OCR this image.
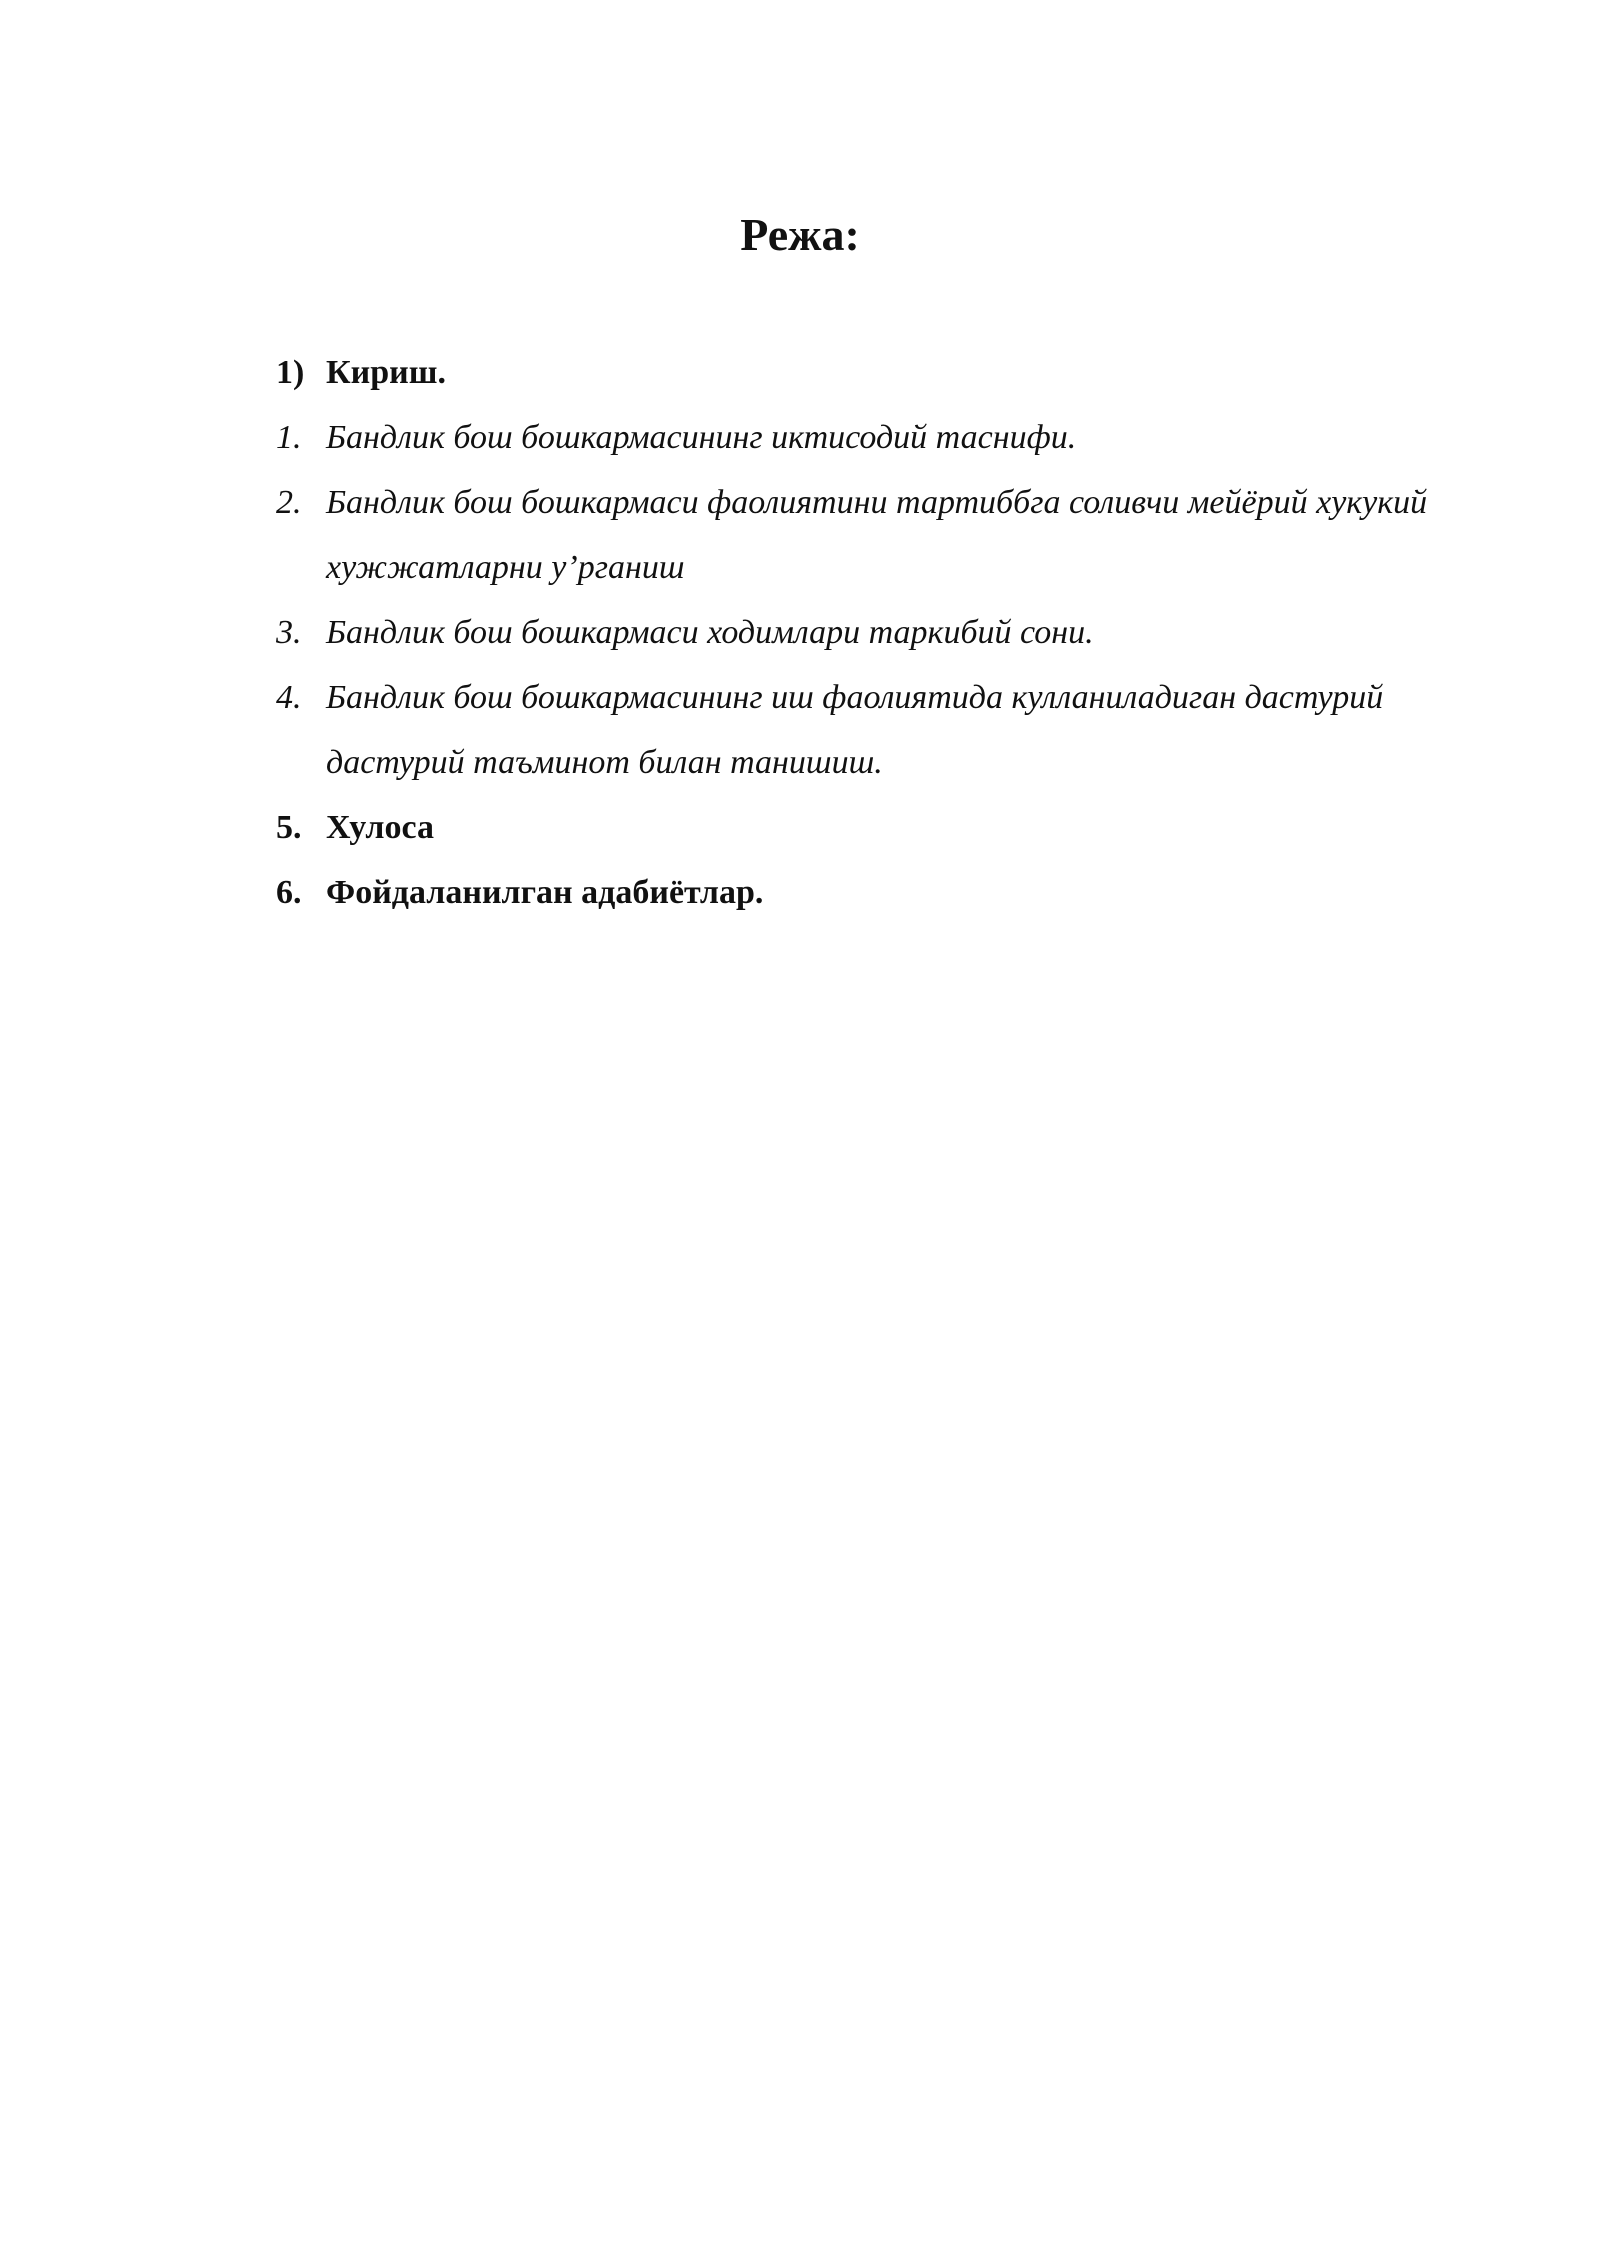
Режа:
1) Кириш.
1. Бандлик бош бошкармасининг иктисодий таснифи.
2. Бандлик бош бошкармаси фаолиятини тартиббга соливчи мейёрий хукукий хужжатларни у’рганиш
3. Бандлик бош бошкармаси ходимлари таркибий сони.
4. Бандлик бош бошкармасининг иш фаолиятида кулланиладиган дастурий дастурий таъминот билан танишиш.
5. Хулоса
6. Фойдаланилган адабиётлар.
